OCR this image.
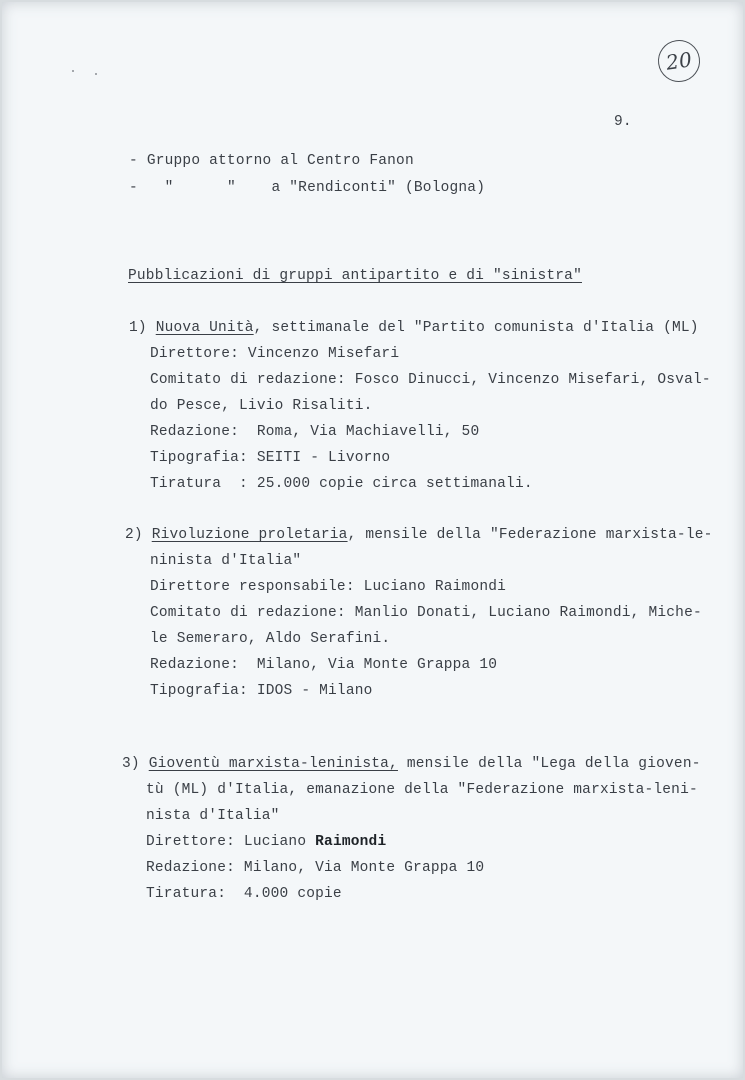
20
9.
- Gruppo attorno al Centro Fanon
- "	" a "Rendiconti" (Bologna)
Pubblicazioni di gruppi antipartito e di "sinistra"
1) Nuova Unità, settimanale del "Partito comunista d'Italia (ML)
Direttore: Vincenzo Misefari
Comitato di redazione: Fosco Dinucci, Vincenzo Misefari, Osval-
do Pesce, Livio Risaliti.
Redazione:  Roma, Via Machiavelli, 50
Tipografia: SEITI - Livorno
Tiratura  : 25.000 copie circa settimanali.
2) Rivoluzione proletaria, mensile della "Federazione marxista-le-
ninista d'Italia"
Direttore responsabile: Luciano Raimondi
Comitato di redazione: Manlio Donati, Luciano Raimondi, Miche-
le Semeraro, Aldo Serafini.
Redazione:  Milano, Via Monte Grappa 10
Tipografia: IDOS - Milano
3) Gioventù marxista-leninista, mensile della "Lega della gioven-
tù (ML) d'Italia, emanazione della "Federazione marxista-leni-
nista d'Italia"
Direttore: Luciano Raimondi
Redazione: Milano, Via Monte Grappa 10
Tiratura:  4.000 copie
